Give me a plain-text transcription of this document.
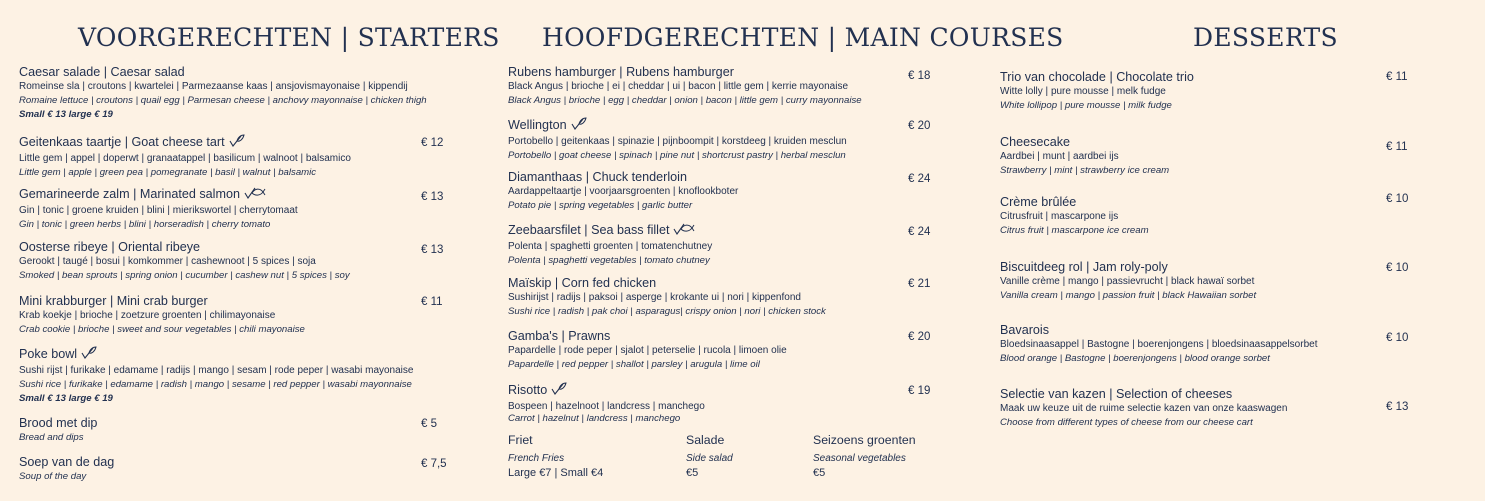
VOORGERECHTEN | STARTERS
Caesar salade | Caesar salad
Romeinse sla | croutons | kwartelei | Parmezaanse kaas | ansjovismayonaise | kippendij
Romaine lettuce | croutons | quail egg | Parmesan cheese | anchovy mayonnaise | chicken thigh
Small € 13 large € 19
Geitenkaas taartje | Goat cheese tart
Little gem | appel | doperwt | granaatappel | basilicum | walnoot | balsamico
Little gem | apple | green pea | pomegranate | basil | walnut | balsamic
€ 12
Gemarineerde zalm | Marinated salmon
Gin | tonic | groene kruiden | blini | mierikswortel | cherrytomaat
Gin | tonic | green herbs | blini | horseradish | cherry tomato
€ 13
Oosterse ribeye | Oriental ribeye
Gerookt | taugé | bosui | komkommer | cashewnoot | 5 spices | soja
Smoked | bean sprouts | spring onion | cucumber | cashew nut | 5 spices | soy
€ 13
Mini krabburger | Mini crab burger
Krab koekje | brioche | zoetzure groenten | chilimayonaise
Crab cookie | brioche | sweet and sour vegetables | chili mayonaise
€ 11
Poke bowl
Sushi rijst | furikake | edamame | radijs | mango | sesam | rode peper | wasabi mayonaise
Sushi rice | furikake | edamame | radish | mango | sesame | red pepper | wasabi mayonnaise
Small € 13 large € 19
Brood met dip
Bread and dips
€ 5
Soep van de dag
Soup of the day
€ 7,5
HOOFDGERECHTEN | MAIN COURSES
Rubens hamburger | Rubens hamburger
Black Angus | brioche | ei | cheddar | ui | bacon | little gem | kerrie mayonaise
Black Angus | brioche | egg | cheddar | onion | bacon | little gem | curry mayonnaise
€ 18
Wellington
Portobello | geitenkaas | spinazie | pijnboompit | korstdeeg | kruiden mesclun
Portobello | goat cheese | spinach | pine nut | shortcrust pastry | herbal mesclun
€ 20
Diamanthaas | Chuck tenderloin
Aardappeltaartje | voorjaarsgroenten | knoflookboter
Potato pie | spring vegetables | garlic butter
€ 24
Zeebaarsfilet | Sea bass fillet
Polenta | spaghetti groenten | tomatenchutney
Polenta | spaghetti vegetables | tomato chutney
€ 24
Maïskip | Corn fed chicken
Sushirijst | radijs | paksoi | asperge | krokante ui | nori | kippenfond
Sushi rice | radish | pak choi | asparagus| crispy onion | nori | chicken stock
€ 21
Gamba's | Prawns
Papardelle | rode peper | sjalot | peterselie | rucola | limoen olie
Papardelle | red pepper | shallot | parsley | arugula | lime oil
€ 20
Risotto
Bospeen | hazelnoot | landcress | manchego
Carrot | hazelnut | landcress | manchego
€ 19
Friet
French Fries
Large €7 | Small €4
Salade
Side salad
€5
Seizoens groenten
Seasonal vegetables
€5
DESSERTS
Trio van chocolade | Chocolate trio
Witte lolly | pure mousse | melk fudge
White lollipop | pure mousse | milk fudge
€ 11
Cheesecake
Aardbei | munt | aardbei ijs
Strawberry | mint | strawberry ice cream
€ 11
Crème brûlée
Citrusfruit | mascarpone ijs
Citrus fruit | mascarpone ice cream
€ 10
Biscuitdeeg rol | Jam roly-poly
Vanille crème | mango | passievrucht | black hawaï sorbet
Vanilla cream | mango | passion fruit | black Hawaiian sorbet
€ 10
Bavarois
Bloedsinaasappel | Bastogne | boerenjongens | bloedsinaasappelsorbet
Blood orange | Bastogne | boerenjongens | blood orange sorbet
€ 10
Selectie van kazen | Selection of cheeses
Maak uw keuze uit de ruime selectie kazen van onze kaaswagen
Choose from different types of cheese from our cheese cart
€ 13
